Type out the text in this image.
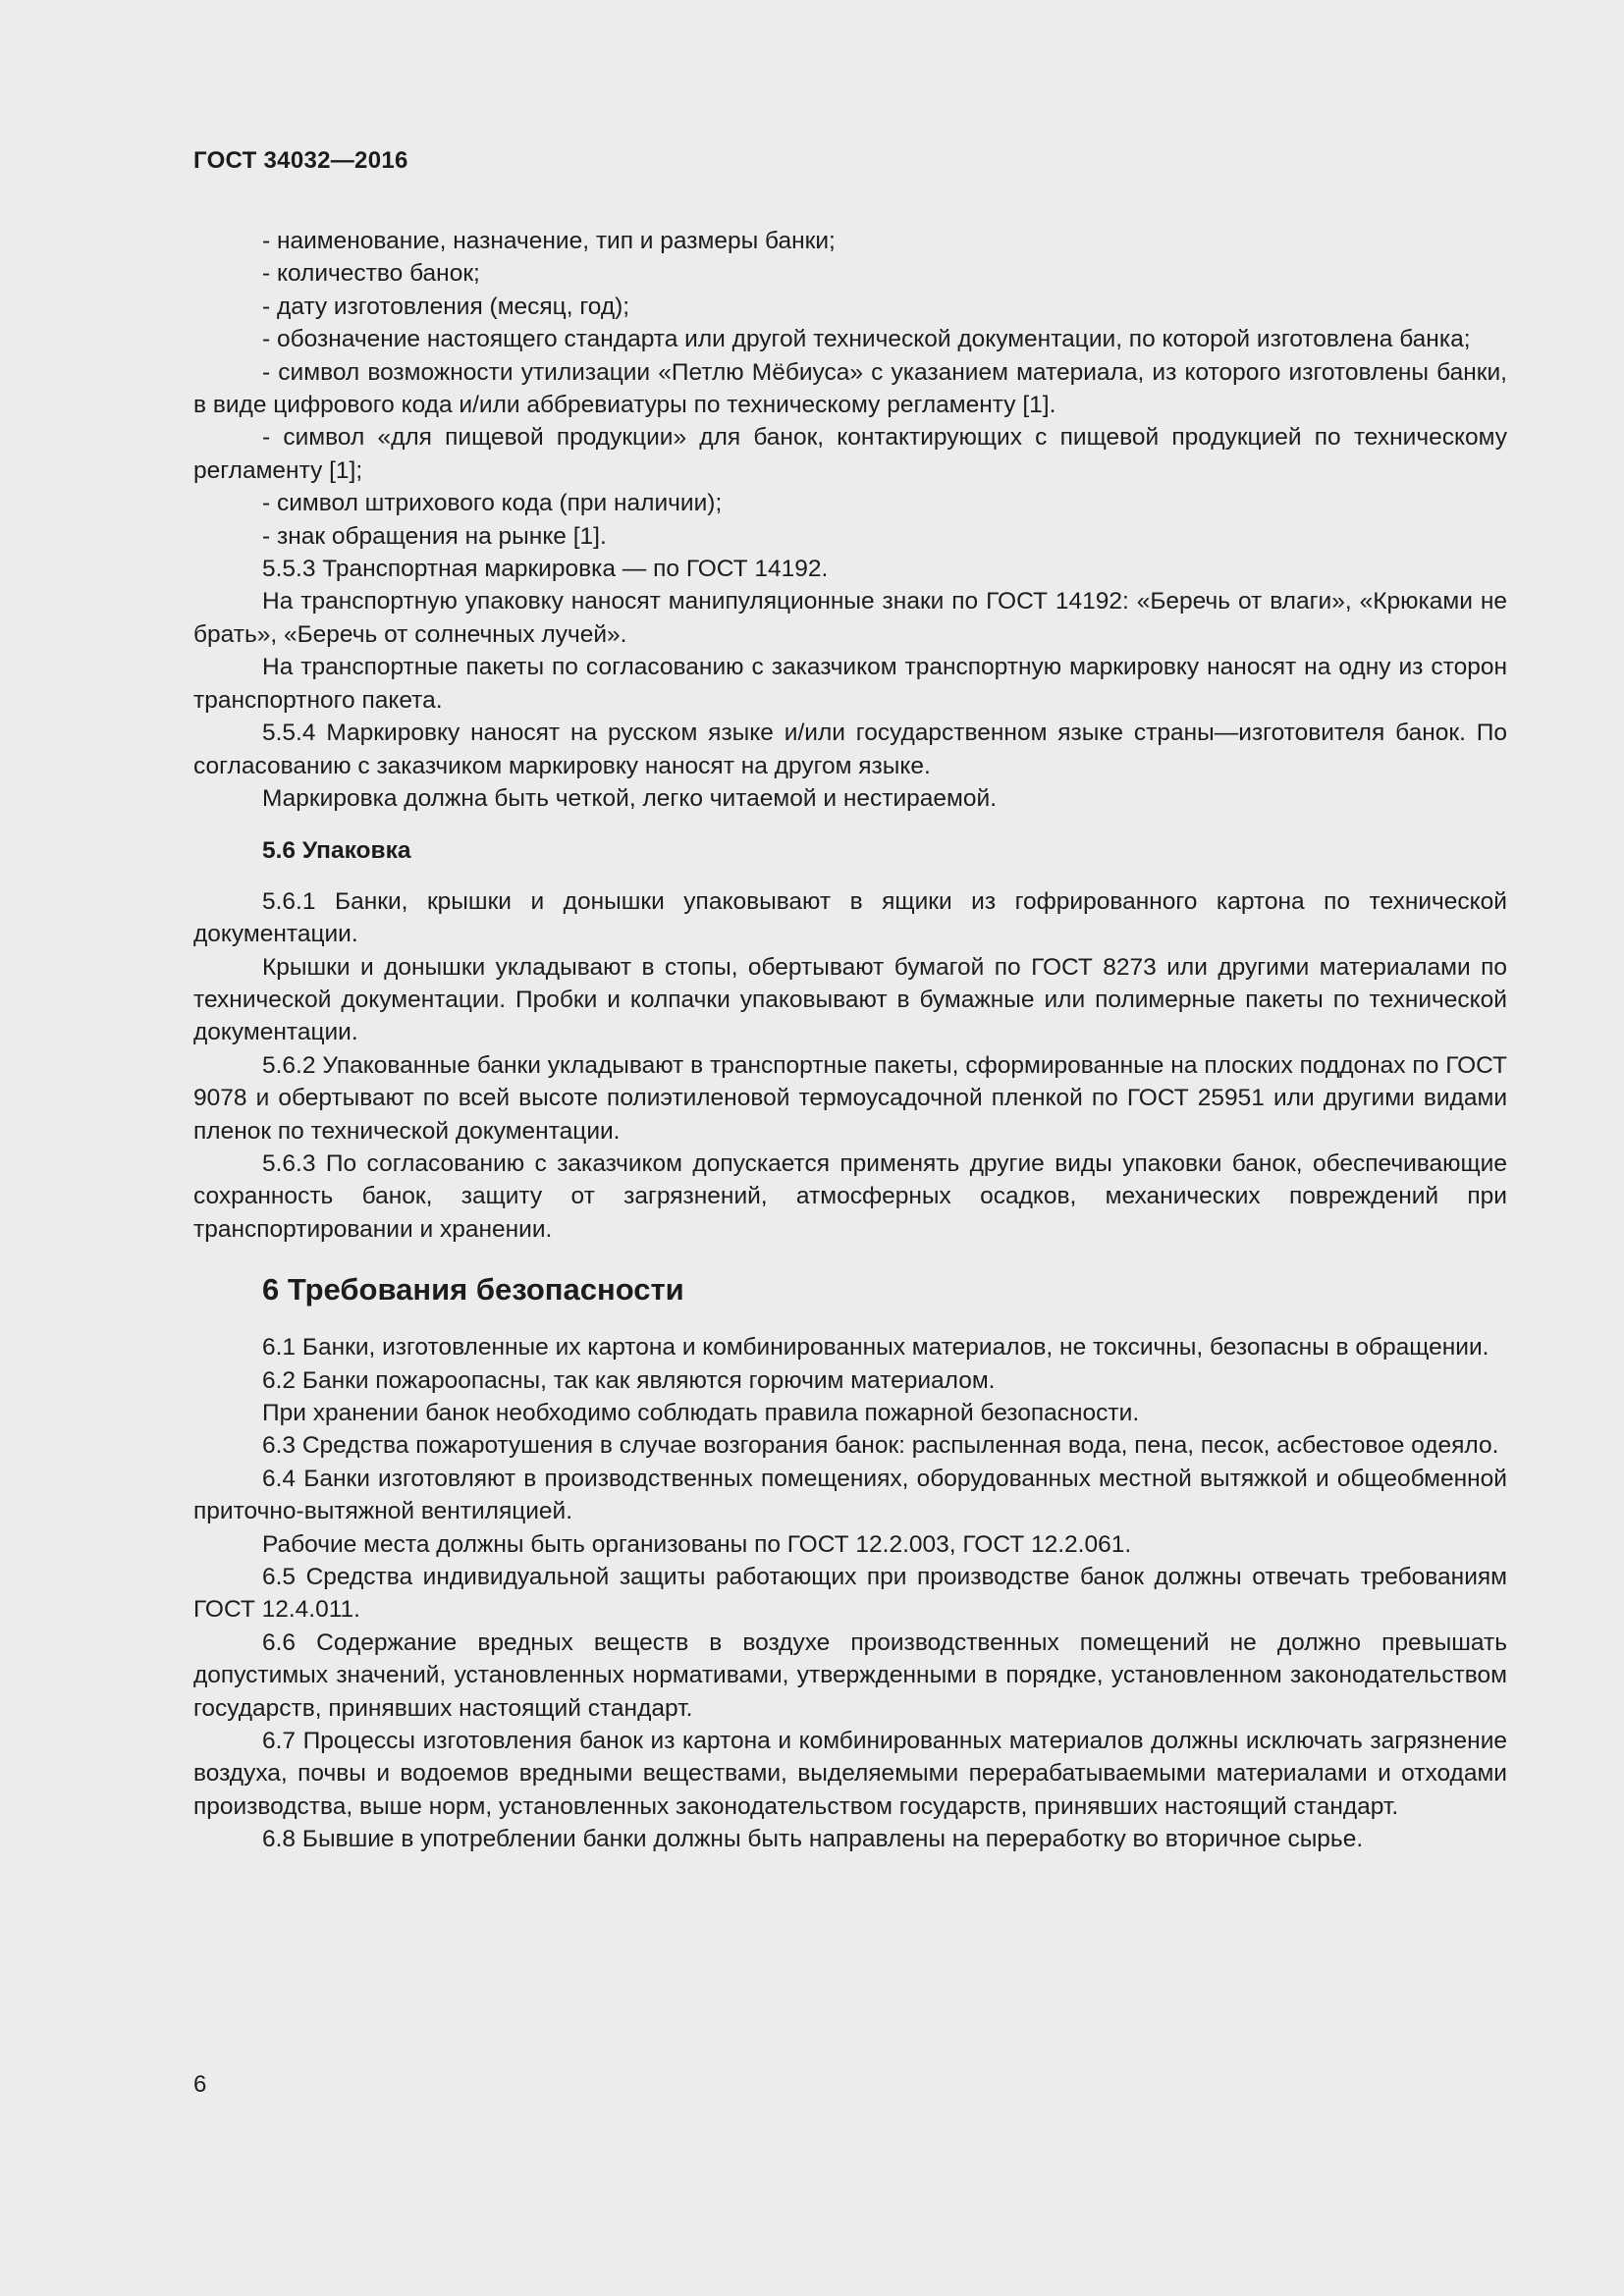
ГОСТ 34032—2016

- наименование, назначение, тип и размеры банки;

- количество банок;

- дату изготовления (месяц, год);

- обозначение настоящего стандарта или другой технической документации, по которой изготовлена банка;

- символ возможности утилизации «Петлю Мёбиуса» с указанием материала, из которого изготовлены банки, в виде цифрового кода и/или аббревиатуры по техническому регламенту [1].

- символ «для пищевой продукции» для банок, контактирующих с пищевой продукцией по техническому регламенту [1];

- символ штрихового кода (при наличии);

- знак обращения на рынке [1].

5.5.3 Транспортная маркировка — по ГОСТ 14192.

На транспортную упаковку наносят манипуляционные знаки по ГОСТ 14192: «Беречь от влаги», «Крюками не брать», «Беречь от солнечных лучей».

На транспортные пакеты по согласованию с заказчиком транспортную маркировку наносят на одну из сторон транспортного пакета.

5.5.4 Маркировку наносят на русском языке и/или государственном языке страны—изготовителя банок. По согласованию с заказчиком маркировку наносят на другом языке.

Маркировка должна быть четкой, легко читаемой и нестираемой.

5.6 Упаковка

5.6.1 Банки, крышки и донышки упаковывают в ящики из гофрированного картона по технической документации.

Крышки и донышки укладывают в стопы, обертывают бумагой по ГОСТ 8273 или другими материалами по технической документации. Пробки и колпачки упаковывают в бумажные или полимерные пакеты по технической документации.

5.6.2 Упакованные банки укладывают в транспортные пакеты, сформированные на плоских поддонах по ГОСТ 9078 и обертывают по всей высоте полиэтиленовой термоусадочной пленкой по ГОСТ 25951 или другими видами пленок по технической документации.

5.6.3 По согласованию с заказчиком допускается применять другие виды упаковки банок, обеспечивающие сохранность банок, защиту от загрязнений, атмосферных осадков, механических повреждений при транспортировании и хранении.

6 Требования безопасности

6.1 Банки, изготовленные их картона и комбинированных материалов, не токсичны, безопасны в обращении.

6.2 Банки пожароопасны, так как являются горючим материалом.

При хранении банок необходимо соблюдать правила пожарной безопасности.

6.3 Средства пожаротушения в случае возгорания банок: распыленная вода, пена, песок, асбестовое одеяло.

6.4 Банки изготовляют в производственных помещениях, оборудованных местной вытяжкой и общеобменной приточно-вытяжной вентиляцией.

Рабочие места должны быть организованы по ГОСТ 12.2.003, ГОСТ 12.2.061.

6.5 Средства индивидуальной защиты работающих при производстве банок должны отвечать требованиям ГОСТ 12.4.011.

6.6 Содержание вредных веществ в воздухе производственных помещений не должно превышать допустимых значений, установленных нормативами, утвержденными в порядке, установленном законодательством государств, принявших настоящий стандарт.

6.7 Процессы изготовления банок из картона и комбинированных материалов должны исключать загрязнение воздуха, почвы и водоемов вредными веществами, выделяемыми перерабатываемыми материалами и отходами производства, выше норм, установленных законодательством государств, принявших настоящий стандарт.

6.8 Бывшие в употреблении банки должны быть направлены на переработку во вторичное сырье.

6
